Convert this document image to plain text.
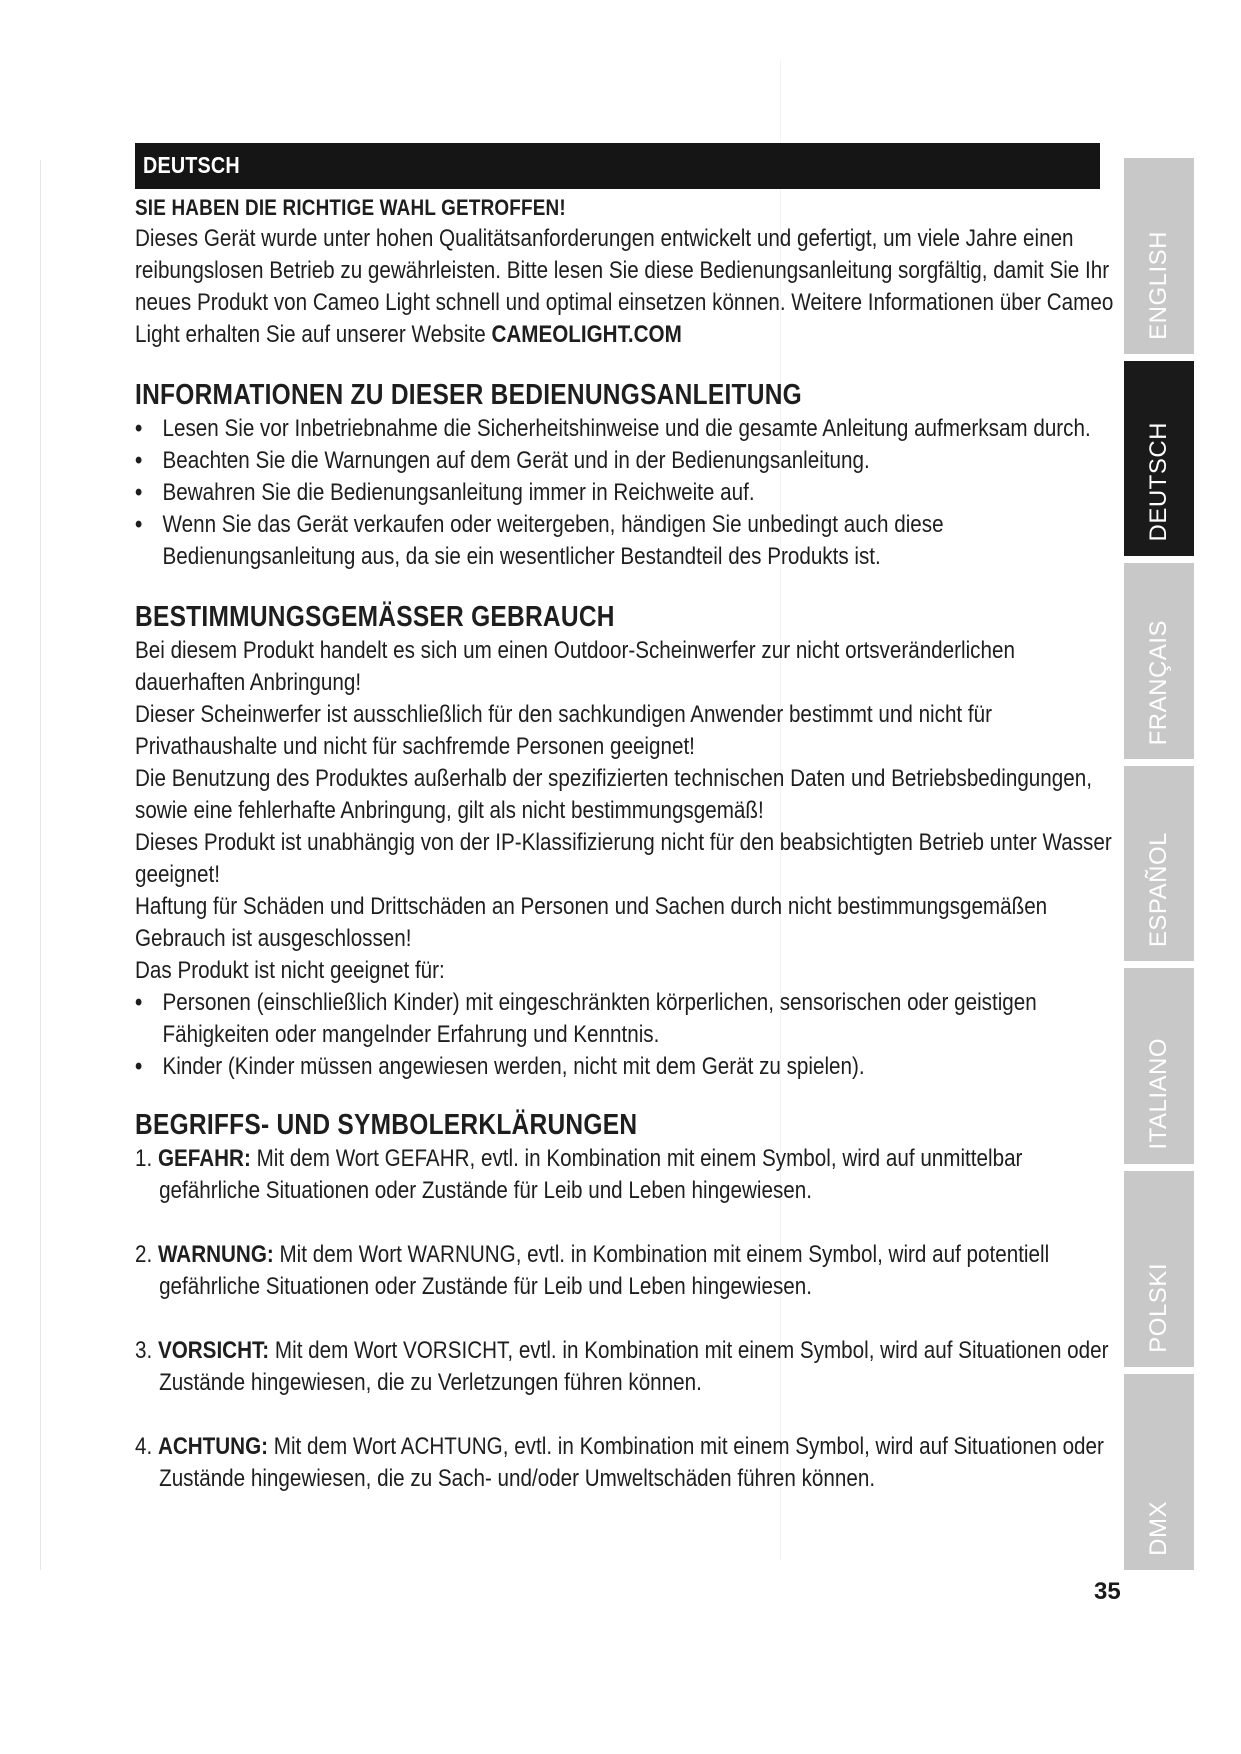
DEUTSCH
SIE HABEN DIE RICHTIGE WAHL GETROFFEN!

Dieses Gerät wurde unter hohen Qualitätsanforderungen entwickelt und gefertigt, um viele Jahre einen reibungslosen Betrieb zu gewährleisten. Bitte lesen Sie diese Bedienungsanleitung sorgfältig, damit Sie Ihr neues Produkt von Cameo Light schnell und optimal einsetzen können. Weitere Informationen über Cameo Light erhalten Sie auf unserer Website CAMEOLIGHT.COM

INFORMATIONEN ZU DIESER BEDIENUNGSANLEITUNG
• Lesen Sie vor Inbetriebnahme die Sicherheitshinweise und die gesamte Anleitung aufmerksam durch.
• Beachten Sie die Warnungen auf dem Gerät und in der Bedienungsanleitung.
• Bewahren Sie die Bedienungsanleitung immer in Reichweite auf.
• Wenn Sie das Gerät verkaufen oder weitergeben, händigen Sie unbedingt auch diese Bedienungsanleitung aus, da sie ein wesentlicher Bestandteil des Produkts ist.
BESTIMMUNGSGEMÄSSER GEBRAUCH

Bei diesem Produkt handelt es sich um einen Outdoor-Scheinwerfer zur nicht ortsveränderlichen dauerhaften Anbringung!

Dieser Scheinwerfer ist ausschließlich für den sachkundigen Anwender bestimmt und nicht für Privathaushalte und nicht für sachfremde Personen geeignet!

Die Benutzung des Produktes außerhalb der spezifizierten technischen Daten und Betriebsbedingungen, sowie eine fehlerhafte Anbringung, gilt als nicht bestimmungsgemäß!

Dieses Produkt ist unabhängig von der IP-Klassifizierung nicht für den beabsichtigten Betrieb unter Wasser geeignet!

Haftung für Schäden und Drittschäden an Personen und Sachen durch nicht bestimmungsgemäßen Gebrauch ist ausgeschlossen!

Das Produkt ist nicht geeignet für:

• Personen (einschließlich Kinder) mit eingeschränkten körperlichen, sensorischen oder geistigen Fähigkeiten oder mangelnder Erfahrung und Kenntnis.
• Kinder (Kinder müssen angewiesen werden, nicht mit dem Gerät zu spielen).
BEGRIFFS- UND SYMBOLERKLÄRUNGEN
1. GEFAHR: Mit dem Wort GEFAHR, evtl. in Kombination mit einem Symbol, wird auf unmittelbar gefährliche Situationen oder Zustände für Leib und Leben hingewiesen.
2. WARNUNG: Mit dem Wort WARNUNG, evtl. in Kombination mit einem Symbol, wird auf potentiell gefährliche Situationen oder Zustände für Leib und Leben hingewiesen.
3. VORSICHT: Mit dem Wort VORSICHT, evtl. in Kombination mit einem Symbol, wird auf Situationen oder Zustände hingewiesen, die zu Verletzungen führen können.
4. ACHTUNG: Mit dem Wort ACHTUNG, evtl. in Kombination mit einem Symbol, wird auf Situationen oder Zustände hingewiesen, die zu Sach- und/oder Umweltschäden führen können.
ENGLISH
DEUTSCH
FRANÇAIS
ESPAÑOL
ITALIANO
POLSKI
DMX
35
